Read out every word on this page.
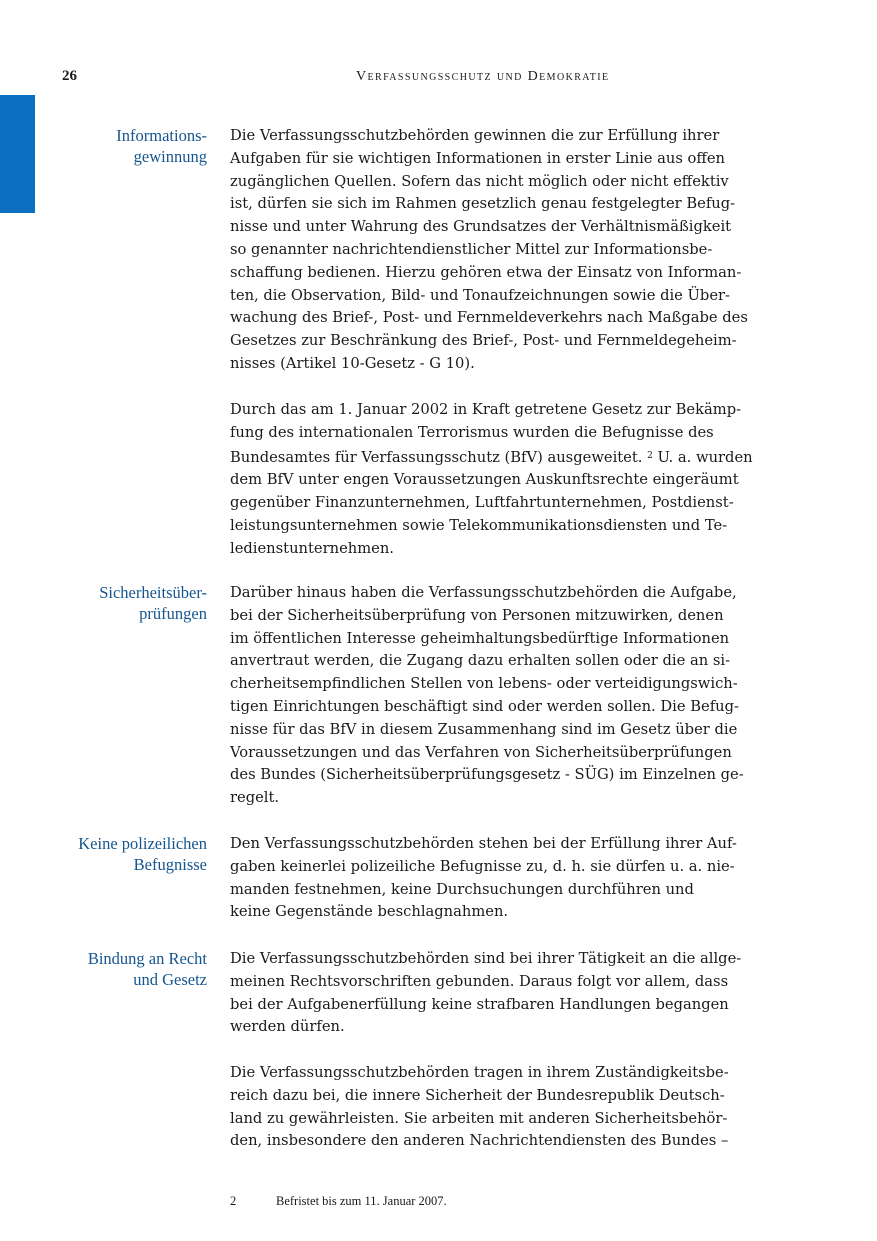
26	Verfassungsschutz und Demokratie
Informations-
gewinnung
Die Verfassungsschutzbehörden gewinnen die zur Erfüllung ihrer
Aufgaben für sie wichtigen Informationen in erster Linie aus offen
zugänglichen Quellen. Sofern das nicht möglich oder nicht effektiv
ist, dürfen sie sich im Rahmen gesetzlich genau festgelegter Befug-
nisse und unter Wahrung des Grundsatzes der Verhältnismäßigkeit
so genannter nachrichtendienstlicher Mittel zur Informationsbe-
schaffung bedienen. Hierzu gehören etwa der Einsatz von Informan-
ten, die Observation, Bild- und Tonaufzeichnungen sowie die Über-
wachung des Brief-, Post- und Fernmeldeverkehrs nach Maßgabe des
Gesetzes zur Beschränkung des Brief-, Post- und Fernmeldegeheim-
nisses (Artikel 10-Gesetz - G 10).
Durch das am 1. Januar 2002 in Kraft getretene Gesetz zur Bekämp-
fung des internationalen Terrorismus wurden die Befugnisse des
Bundesamtes für Verfassungsschutz (BfV) ausgeweitet. $^2$ U. a. wurden
dem BfV unter engen Voraussetzungen Auskunftsrechte eingeräumt
gegenüber Finanzunternehmen, Luftfahrtunternehmen, Postdienst-
leistungsunternehmen sowie Telekommunikationsdiensten und Te-
ledienstunternehmen.
Sicherheitsüber-
prüfungen
Darüber hinaus haben die Verfassungsschutzbehörden die Aufgabe,
bei der Sicherheitsüberprüfung von Personen mitzuwirken, denen
im öffentlichen Interesse geheimhaltungsbedürftige Informationen
anvertraut werden, die Zugang dazu erhalten sollen oder die an si-
cherheitsempfindlichen Stellen von lebens- oder verteidigungswich-
tigen Einrichtungen beschäftigt sind oder werden sollen. Die Befug-
nisse für das BfV in diesem Zusammenhang sind im Gesetz über die
Voraussetzungen und das Verfahren von Sicherheitsüberprüfungen
des Bundes (Sicherheitsüberprüfungsgesetz - SÜG) im Einzelnen ge-
regelt.
Keine polizeilichen
Befugnisse
Den Verfassungsschutzbehörden stehen bei der Erfüllung ihrer Auf-
gaben keinerlei polizeiliche Befugnisse zu, d. h. sie dürfen u. a. nie-
manden festnehmen, keine Durchsuchungen durchführen und
keine Gegenstände beschlagnahmen.
Bindung an Recht
und Gesetz
Die Verfassungsschutzbehörden sind bei ihrer Tätigkeit an die allge-
meinen Rechtsvorschriften gebunden. Daraus folgt vor allem, dass
bei der Aufgabenerfüllung keine strafbaren Handlungen begangen
werden dürfen.
Die Verfassungsschutzbehörden tragen in ihrem Zuständigkeitsbe-
reich dazu bei, die innere Sicherheit der Bundesrepublik Deutsch-
land zu gewährleisten. Sie arbeiten mit anderen Sicherheitsbehör-
den, insbesondere den anderen Nachrichtendiensten des Bundes –
2	Befristet bis zum 11. Januar 2007.
